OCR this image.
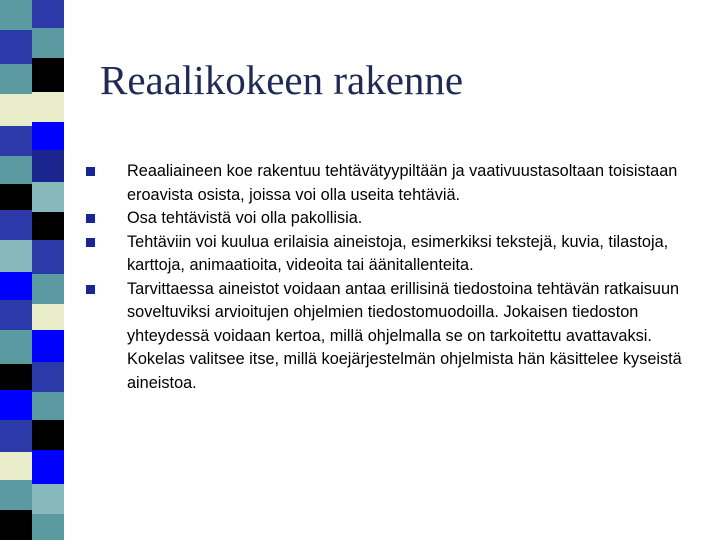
Reaalikokeen rakenne
Reaaliaineen koe rakentuu tehtävätyypiltään ja vaativuustasoltaan toisistaan eroavista osista, joissa voi olla useita tehtäviä.
Osa tehtävistä voi olla pakollisia.
Tehtäviin voi kuulua erilaisia aineistoja, esimerkiksi tekstejä, kuvia, tilastoja, karttoja, animaatioita, videoita tai äänitallenteita.
Tarvittaessa aineistot voidaan antaa erillisinä tiedostoina tehtävän ratkaisuun soveltuviksi arvioitujen ohjelmien tiedostomuodoilla. Jokaisen tiedoston yhteydessä voidaan kertoa, millä ohjelmalla se on tarkoitettu avattavaksi. Kokelas valitsee itse, millä koejärjestelmän ohjelmista hän käsittelee kyseistä aineistoa.
